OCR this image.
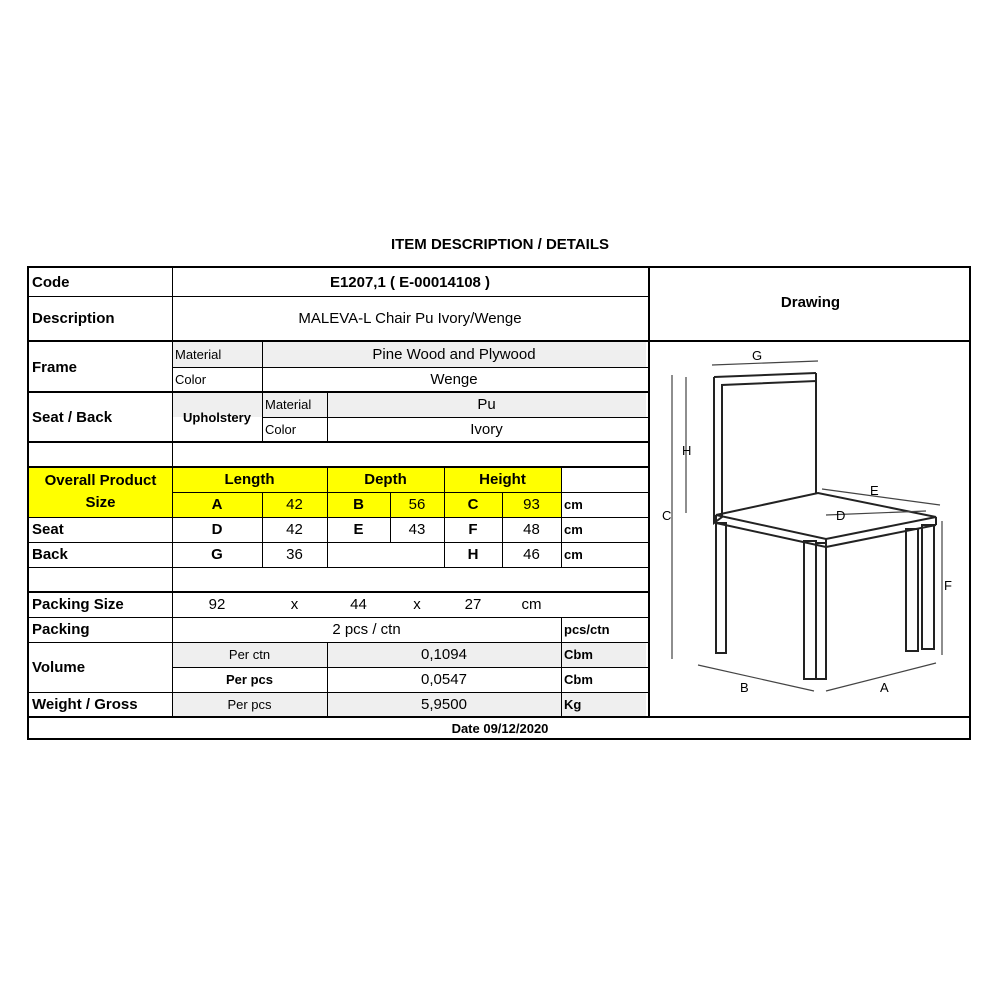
ITEM DESCRIPTION / DETAILS
Code	E1207,1 ( E-00014108 )
Description	MALEVA-L Chair Pu Ivory/Wenge
Drawing
Frame
Material	Pine Wood and Plywood
Color	Wenge
Seat / Back	Upholstery
Material	Pu
Color	Ivory
Overall Product Size
Length	Depth	Height
A	42	B	56	C	93	cm
Seat	D	42	E	43	F	48	cm
Back	G	36	H	46	cm
Packing Size	92	x	44	x	27	cm
Packing	2 pcs / ctn	pcs/ctn
Volume
Per ctn	0,1094	Cbm
Per pcs	0,0547	Cbm
Weight / Gross	Per pcs	5,9500	Kg
Date 09/12/2020
G
H
C
E
D
F
B	A
